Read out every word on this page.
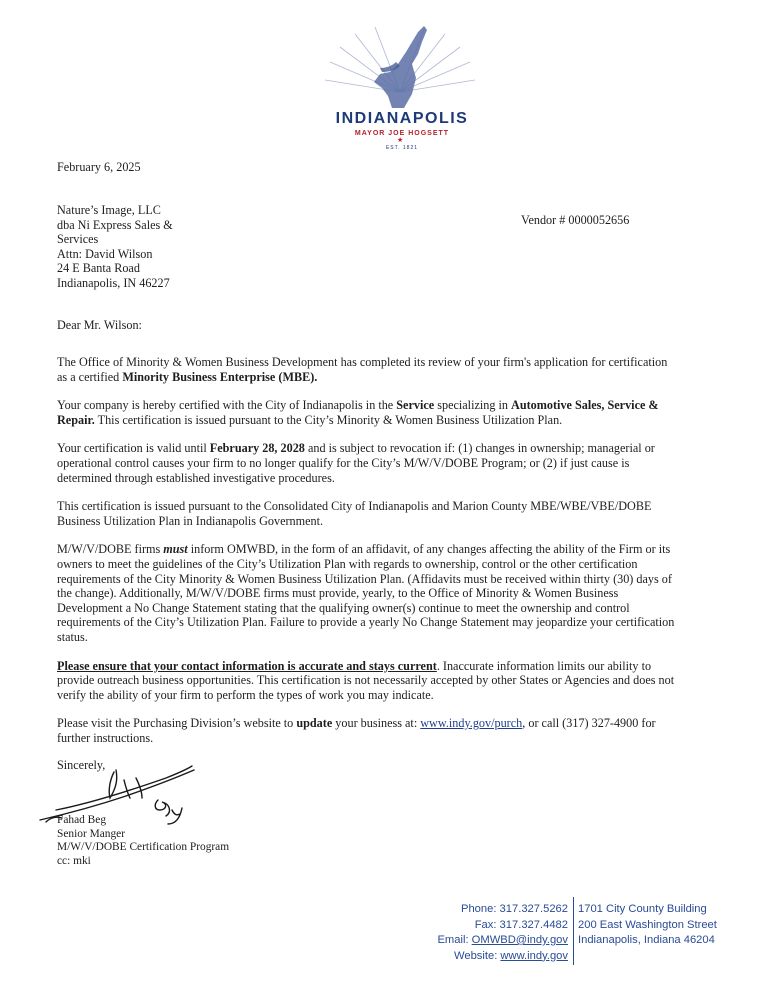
INDIANAPOLIS
MAYOR JOE HOGSETT
★
EST. 1821

February 6, 2025

Nature’s Image, LLC

dba Ni Express Sales &

Services

Attn: David Wilson

24 E Banta Road

Indianapolis, IN 46227

Vendor # 0000052656

Dear Mr. Wilson:

The Office of Minority & Women Business Development has completed its review of your firm's application for certification as a certified Minority Business Enterprise (MBE).

Your company is hereby certified with the City of Indianapolis in the Service specializing in Automotive Sales, Service & Repair. This certification is issued pursuant to the City’s Minority & Women Business Utilization Plan.

Your certification is valid until February 28, 2028 and is subject to revocation if: (1) changes in ownership; managerial or operational control causes your firm to no longer qualify for the City’s M/W/V/DOBE Program; or (2) if just cause is determined through established investigative procedures.

This certification is issued pursuant to the Consolidated City of Indianapolis and Marion County MBE/WBE/VBE/DOBE Business Utilization Plan in Indianapolis Government.

M/W/V/DOBE firms must inform OMWBD, in the form of an affidavit, of any changes affecting the ability of the Firm or its owners to meet the guidelines of the City’s Utilization Plan with regards to ownership, control or the other certification requirements of the City Minority & Women Business Utilization Plan. (Affidavits must be received within thirty (30) days of the change). Additionally, M/W/V/DOBE firms must provide, yearly, to the Office of Minority & Women Business Development a No Change Statement stating that the qualifying owner(s) continue to meet the ownership and control requirements of the City’s Utilization Plan. Failure to provide a yearly No Change Statement may jeopardize your certification status.

Please ensure that your contact information is accurate and stays current. Inaccurate information limits our ability to provide outreach business opportunities. This certification is not necessarily accepted by other States or Agencies and does not verify the ability of your firm to perform the types of work you may indicate.

Please visit the Purchasing Division’s website to update your business at: www.indy.gov/purch, or call (317) 327-4900 for further instructions.

Sincerely,

Fahad Beg

Senior Manger

M/W/V/DOBE Certification Program

cc: mki

Phone: 317.327.5262

Fax: 317.327.4482

Email: OMWBD@indy.gov

Website: www.indy.gov

1701 City County Building

200 East Washington Street

Indianapolis, Indiana 46204
